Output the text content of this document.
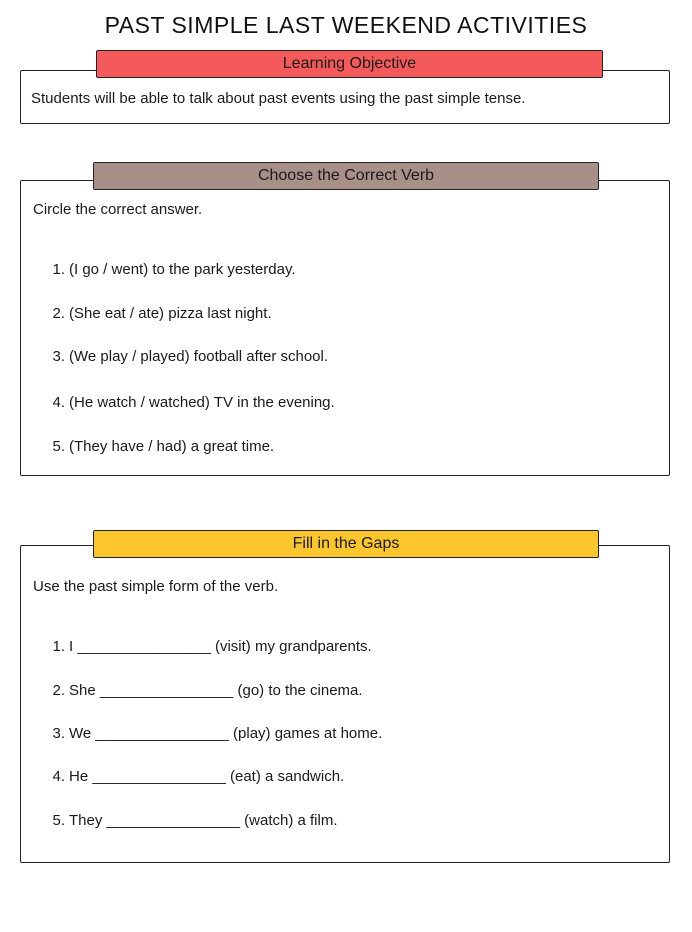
PAST SIMPLE LAST WEEKEND ACTIVITIES
Students will be able to talk about past events using the past simple tense.
Learning Objective
Circle the correct answer.
1. (I go / went) to the park yesterday.
2. (She eat / ate) pizza last night.
3. (We play / played) football after school.
4. (He watch / watched) TV in the evening.
5. (They have / had) a great time.
Choose the Correct Verb
Use the past simple form of the verb.
1. I ________________ (visit) my grandparents.
2. She ________________ (go) to the cinema.
3. We ________________ (play) games at home.
4. He ________________ (eat) a sandwich.
5. They ________________ (watch) a film.
Fill in the Gaps
